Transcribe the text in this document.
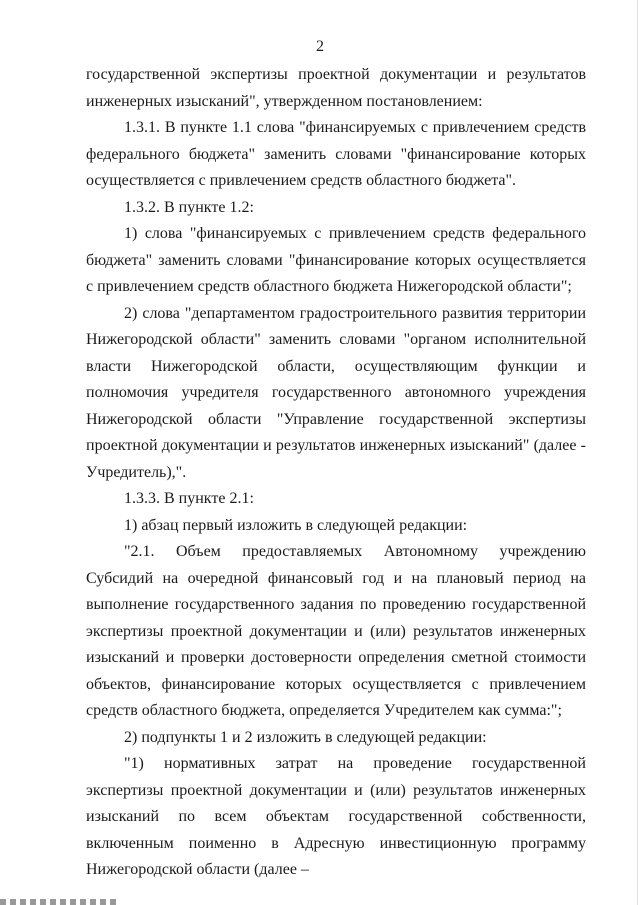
2

государственной экспертизы проектной документации и результатов инженерных изысканий", утвержденном постановлением:

1.3.1. В пункте 1.1 слова "финансируемых с привлечением средств федерального бюджета" заменить словами "финансирование которых осуществляется с привлечением средств областного бюджета".

1.3.2. В пункте 1.2:

1) слова "финансируемых с привлечением средств федерального бюджета" заменить словами "финансирование которых осуществляется с привлечением средств областного бюджета Нижегородской области";

2) слова "департаментом градостроительного развития территории Нижегородской области" заменить словами "органом исполнительной власти Нижегородской области, осуществляющим функции и полномочия учредителя государственного автономного учреждения Нижегородской области "Управление государственной экспертизы проектной документации и результатов инженерных изысканий" (далее - Учредитель),".

1.3.3. В пункте 2.1:

1) абзац первый изложить в следующей редакции:

"2.1. Объем предоставляемых Автономному учреждению Субсидий на очередной финансовый год и на плановый период на выполнение государственного задания по проведению государственной экспертизы проектной документации и (или) результатов инженерных изысканий и проверки достоверности определения сметной стоимости объектов, финансирование которых осуществляется с привлечением средств областного бюджета, определяется Учредителем как сумма:";

2) подпункты 1 и 2 изложить в следующей редакции:

"1) нормативных затрат на проведение государственной экспертизы проектной документации и (или) результатов инженерных изысканий по всем объектам государственной собственности, включенным поименно в Адресную инвестиционную программу Нижегородской области (далее –
